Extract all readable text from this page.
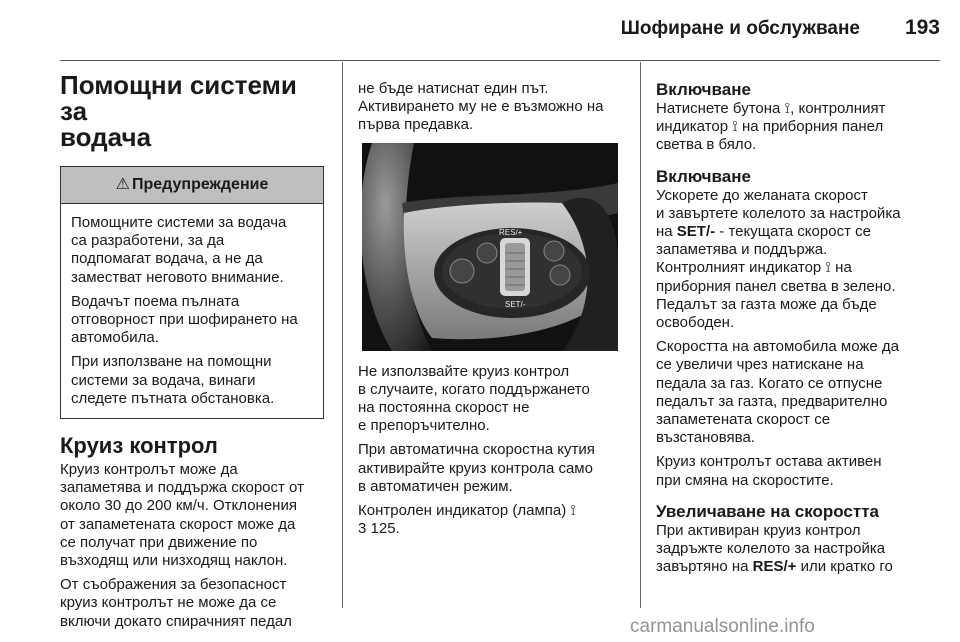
Шофиране и обслужване	193
Помощни системи за
водача
⚠ Предупреждение

Помощните системи за водача
са разработени, за да
подпомагат водача, а не да
заместват неговото внимание.

Водачът поема пълната
отговорност при шофирането на
автомобила.

При използване на помощни
системи за водача, винаги
следете пътната обстановка.

Круиз контрол

Круиз контролът може да
запаметява и поддържа скорост от
около 30 до 200 км/ч. Отклонения
от запаметената скорост може да
се получат при движение по
възходящ или низходящ наклон.

От съображения за безопасност
круиз контролът не може да се
включи докато спирачният педал

не бъде натиснат един път.
Активирането му не е възможно на
първа предавка.

RES/+
SET/-

Не използвайте круиз контрол
в случаите, когато поддържането
на постоянна скорост не
е препоръчително.

При автоматична скоростна кутия
активирайте круиз контрола само
в автоматичен режим.

Контролен индикатор (лампа) ⟟
3 125.

Включване

Натиснете бутона ⟟, контролният
индикатор ⟟ на приборния панел
светва в бяло.

Включване

Ускорете до желаната скорост
и завъртете колелото за настройка
на SET/- - текущата скорост се
запаметява и поддържа.
Контролният индикатор ⟟ на
приборния панел светва в зелено.
Педалът за газта може да бъде
освободен.

Скоростта на автомобила може да
се увеличи чрез натискане на
педала за газ. Когато се отпусне
педалът за газта, предварително
запаметената скорост се
възстановява.

Круиз контролът остава активен
при смяна на скоростите.

Увеличаване на скоростта

При активиран круиз контрол
задръжте колелото за настройка
завъртяно на RES/+ или кратко го

carmanualsonline.info
